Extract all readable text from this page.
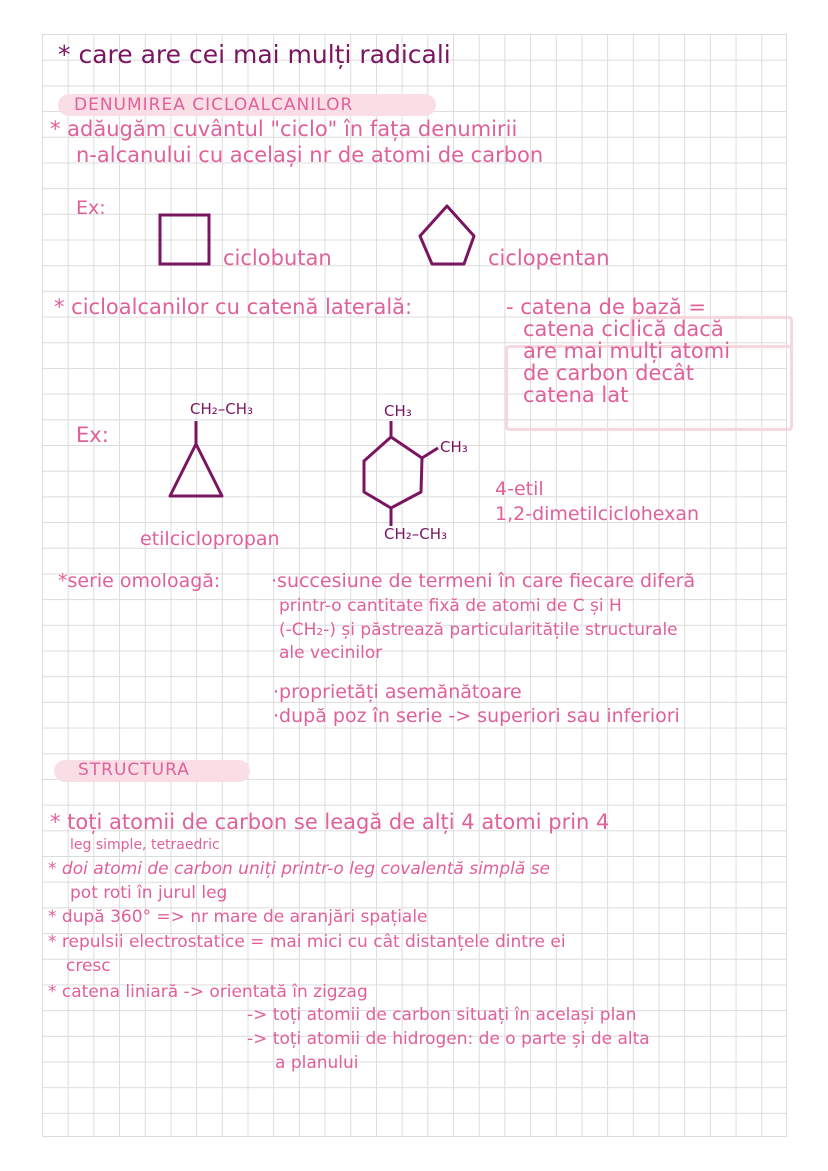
* care are cei mai mulți radicali
DENUMIREA CICLOALCANILOR
* adăugăm cuvântul "ciclo" în fața denumirii
n-alcanului cu același nr de atomi de carbon
Ex:
ciclobutan	ciclopentan
* cicloalcanilor cu catenă laterală:	- catena de bază =
catena ciclică dacă
are mai mulți atomi
de carbon decât
catena lat
Ex:
CH₂–CH₃
etilciclopropan
CH₃
CH₃
CH₂–CH₃
4-etil
1,2-dimetilciclohexan
*serie omoloagă:	·succesiune de termeni în care fiecare diferă
printr-o cantitate fixă de atomi de C și H
(-CH₂-) și păstrează particularitățile structurale
ale vecinilor
·proprietăți asemănătoare
·după poz în serie -> superiori sau inferiori
STRUCTURA
* toți atomii de carbon se leagă de alți 4 atomi prin 4
leg simple, tetraedric
* doi atomi de carbon uniți printr-o leg covalentă simplă se
pot roti în jurul leg
* după 360° => nr mare de aranjări spațiale
* repulsii electrostatice = mai mici cu cât distanțele dintre ei
cresc
* catena liniară -> orientată în zigzag
-> toți atomii de carbon situați în același plan
-> toți atomii de hidrogen: de o parte și de alta
a planului
